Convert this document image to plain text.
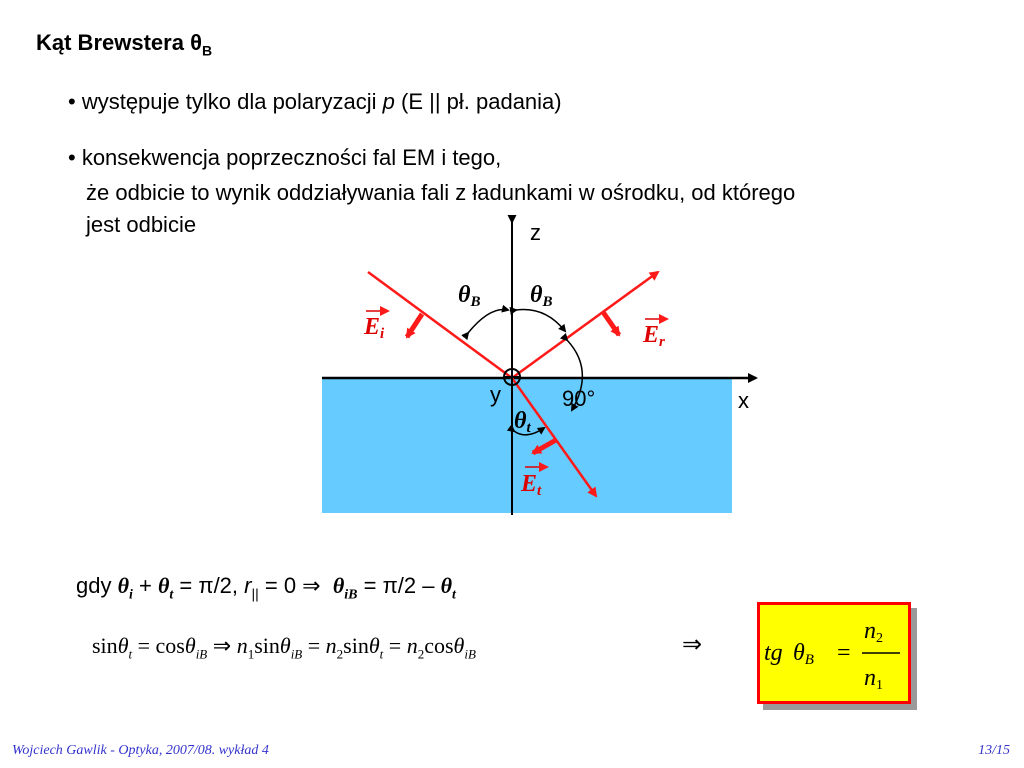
Kąt Brewstera $\theta_B$
• występuje tylko dla polaryzacji p (E || pł. padania)
• konsekwencja poprzeczności fal EM i tego,
że odbicie to wynik oddziaływania fali z ładunkami w ośrodku, od którego
jest odbicie	z
x
y	90°
θB θB
θt
Ei	Er
Et
gdy $\theta_i + \theta_t = \pi/2$, $r_{||} = 0$ ⇒ $\theta_{iB} = \pi/2 - \theta_t$
sinθ$_t$ = cosθ$_{iB}$ ⇒ $n_1\sin\theta_{iB} = n_2\sin\theta_t = n_2\cos\theta_{iB}$	⇒	tg θB =
n2
n1
Wojciech Gawlik - Optyka, 2007/08. wykład 4	13/15
